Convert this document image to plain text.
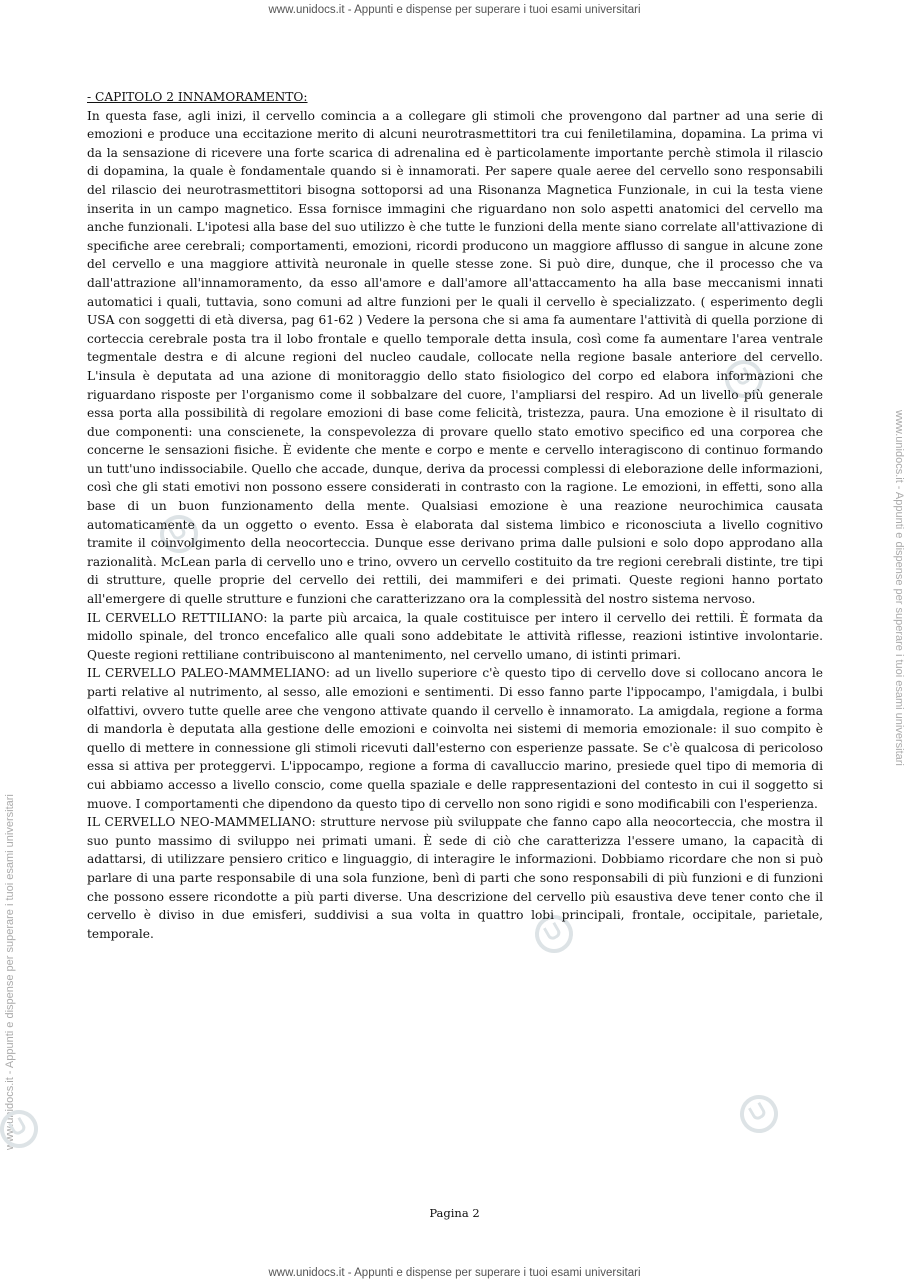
www.unidocs.it - Appunti e dispense per superare i tuoi esami universitari
www.unidocs.it - Appunti e dispense per superare i tuoi esami universitari
www.unidocs.it - Appunti e dispense per superare i tuoi esami universitari

- CAPITOLO 2 INNAMORAMENTO:

In questa fase, agli inizi, il cervello comincia a a collegare gli stimoli che provengono dal partner ad una serie di emozioni e produce una eccitazione merito di alcuni neurotrasmettitori tra cui feniletilamina, dopamina. La prima vi da la sensazione di ricevere una forte scarica di adrenalina ed è particolamente importante perchè stimola il rilascio di dopamina, la quale è fondamentale quando si è innamorati. Per sapere quale aeree del cervello sono responsabili del rilascio dei neurotrasmettitori bisogna sottoporsi ad una Risonanza Magnetica Funzionale, in cui la testa viene inserita in un campo magnetico. Essa fornisce immagini che riguardano non solo aspetti anatomici del cervello ma anche funzionali. L'ipotesi alla base del suo utilizzo è che tutte le funzioni della mente siano correlate all'attivazione di specifiche aree cerebrali; comportamenti, emozioni, ricordi producono un maggiore afflusso di sangue in alcune zone del cervello e una maggiore attività neuronale in quelle stesse zone. Si può dire, dunque, che il processo che va dall'attrazione all'innamoramento, da esso all'amore e dall'amore all'attaccamento ha alla base meccanismi innati automatici i quali, tuttavia, sono comuni ad altre funzioni per le quali il cervello è specializzato. ( esperimento degli USA con soggetti di età diversa, pag 61-62 ) Vedere la persona che si ama fa aumentare l'attività di quella porzione di corteccia cerebrale posta tra il lobo frontale e quello temporale detta insula, così come fa aumentare l'area ventrale tegmentale destra e di alcune regioni del nucleo caudale, collocate nella regione basale anteriore del cervello. L'insula è deputata ad una azione di monitoraggio dello stato fisiologico del corpo ed elabora informazioni che riguardano risposte per l'organismo come il sobbalzare del cuore, l'ampliarsi del respiro. Ad un livello più generale essa porta alla possibilità di regolare emozioni di base come felicità, tristezza, paura. Una emozione è il risultato di due componenti: una conscienete, la conspevolezza di provare quello stato emotivo specifico ed una corporea che concerne le sensazioni fisiche. È evidente che mente e corpo e mente e cervello interagiscono di continuo formando un tutt'uno indissociabile. Quello che accade, dunque, deriva da processi complessi di eleborazione delle informazioni, così che gli stati emotivi non possono essere considerati in contrasto con la ragione. Le emozioni, in effetti, sono alla base di un buon funzionamento della mente. Qualsiasi emozione è una reazione neurochimica causata automaticamente da un oggetto o evento. Essa è elaborata dal sistema limbico e riconosciuta a livello cognitivo tramite il coinvolgimento della neocorteccia. Dunque esse derivano prima dalle pulsioni e solo dopo approdano alla razionalità. McLean parla di cervello uno e trino, ovvero un cervello costituito da tre regioni cerebrali distinte, tre tipi di strutture, quelle proprie del cervello dei rettili, dei mammiferi e dei primati. Queste regioni hanno portato all'emergere di quelle strutture e funzioni che caratterizzano ora la complessità del nostro sistema nervoso.

IL CERVELLO RETTILIANO: la parte più arcaica, la quale costituisce per intero il cervello dei rettili. È formata da midollo spinale, del tronco encefalico alle quali sono addebitate le attività riflesse, reazioni istintive involontarie. Queste regioni rettiliane contribuiscono al mantenimento, nel cervello umano, di istinti primari.

IL CERVELLO PALEO-MAMMELIANO: ad un livello superiore c'è questo tipo di cervello dove si collocano ancora le parti relative al nutrimento, al sesso, alle emozioni e sentimenti. Di esso fanno parte l'ippocampo, l'amigdala, i bulbi olfattivi, ovvero tutte quelle aree che vengono attivate quando il cervello è innamorato. La amigdala, regione a forma di mandorla è deputata alla gestione delle emozioni e coinvolta nei sistemi di memoria emozionale: il suo compito è quello di mettere in connessione gli stimoli ricevuti dall'esterno con esperienze passate. Se c'è qualcosa di pericoloso essa si attiva per proteggervi. L'ippocampo, regione a forma di cavalluccio marino, presiede quel tipo di memoria di cui abbiamo accesso a livello conscio, come quella spaziale e delle rappresentazioni del contesto in cui il soggetto si muove. I comportamenti che dipendono da questo tipo di cervello non sono rigidi e sono modificabili con l'esperienza.

IL CERVELLO NEO-MAMMELIANO: strutture nervose più sviluppate che fanno capo alla neocorteccia, che mostra il suo punto massimo di sviluppo nei primati umani. È sede di ciò che caratterizza l'essere umano, la capacità di adattarsi, di utilizzare pensiero critico e linguaggio, di interagire le informazioni. Dobbiamo ricordare che non si può parlare di una parte responsabile di una sola funzione, benì di parti che sono responsabili di più funzioni e di funzioni che possono essere ricondotte a più parti diverse. Una descrizione del cervello più esaustiva deve tener conto che il cervello è diviso in due emisferi, suddivisi a sua volta in quattro lobi principali, frontale, occipitale, parietale, temporale.

Pagina 2
www.unidocs.it - Appunti e dispense per superare i tuoi esami universitari
